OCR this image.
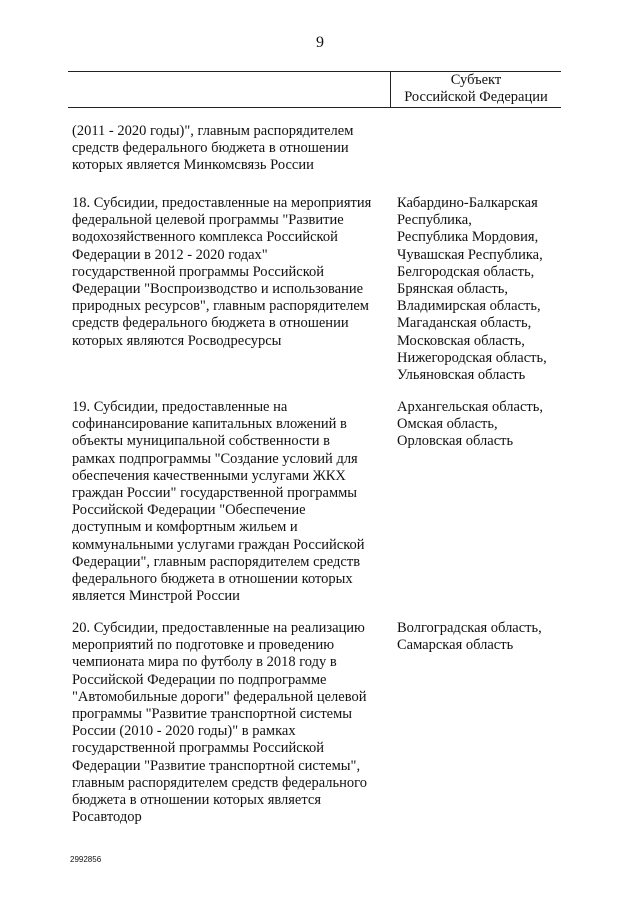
9
Субъект
Российской Федерации
(2011 - 2020 годы)", главным распорядителем
средств федерального бюджета в отношении
которых является Минкомсвязь России
18. Субсидии, предоставленные на мероприятия
федеральной целевой программы "Развитие
водохозяйственного комплекса Российской
Федерации в 2012 - 2020 годах"
государственной программы Российской
Федерации "Воспроизводство и использование
природных ресурсов", главным распорядителем
средств федерального бюджета в отношении
которых являются Росводресурсы
Кабардино-Балкарская
Республика,
Республика Мордовия,
Чувашская Республика,
Белгородская область,
Брянская область,
Владимирская область,
Магаданская область,
Московская область,
Нижегородская область,
Ульяновская область
19. Субсидии, предоставленные на
софинансирование капитальных вложений в
объекты муниципальной собственности в
рамках подпрограммы "Создание условий для
обеспечения качественными услугами ЖКХ
граждан России" государственной программы
Российской Федерации "Обеспечение
доступным и комфортным жильем и
коммунальными услугами граждан Российской
Федерации", главным распорядителем средств
федерального бюджета в отношении которых
является Минстрой России
Архангельская область,
Омская область,
Орловская область
20. Субсидии, предоставленные на реализацию
мероприятий по подготовке и проведению
чемпионата мира по футболу в 2018 году в
Российской Федерации по подпрограмме
"Автомобильные дороги" федеральной целевой
программы "Развитие транспортной системы
России (2010 - 2020 годы)" в рамках
государственной программы Российской
Федерации "Развитие транспортной системы",
главным распорядителем средств федерального
бюджета в отношении которых является
Росавтодор
Волгоградская область,
Самарская область
2992856
